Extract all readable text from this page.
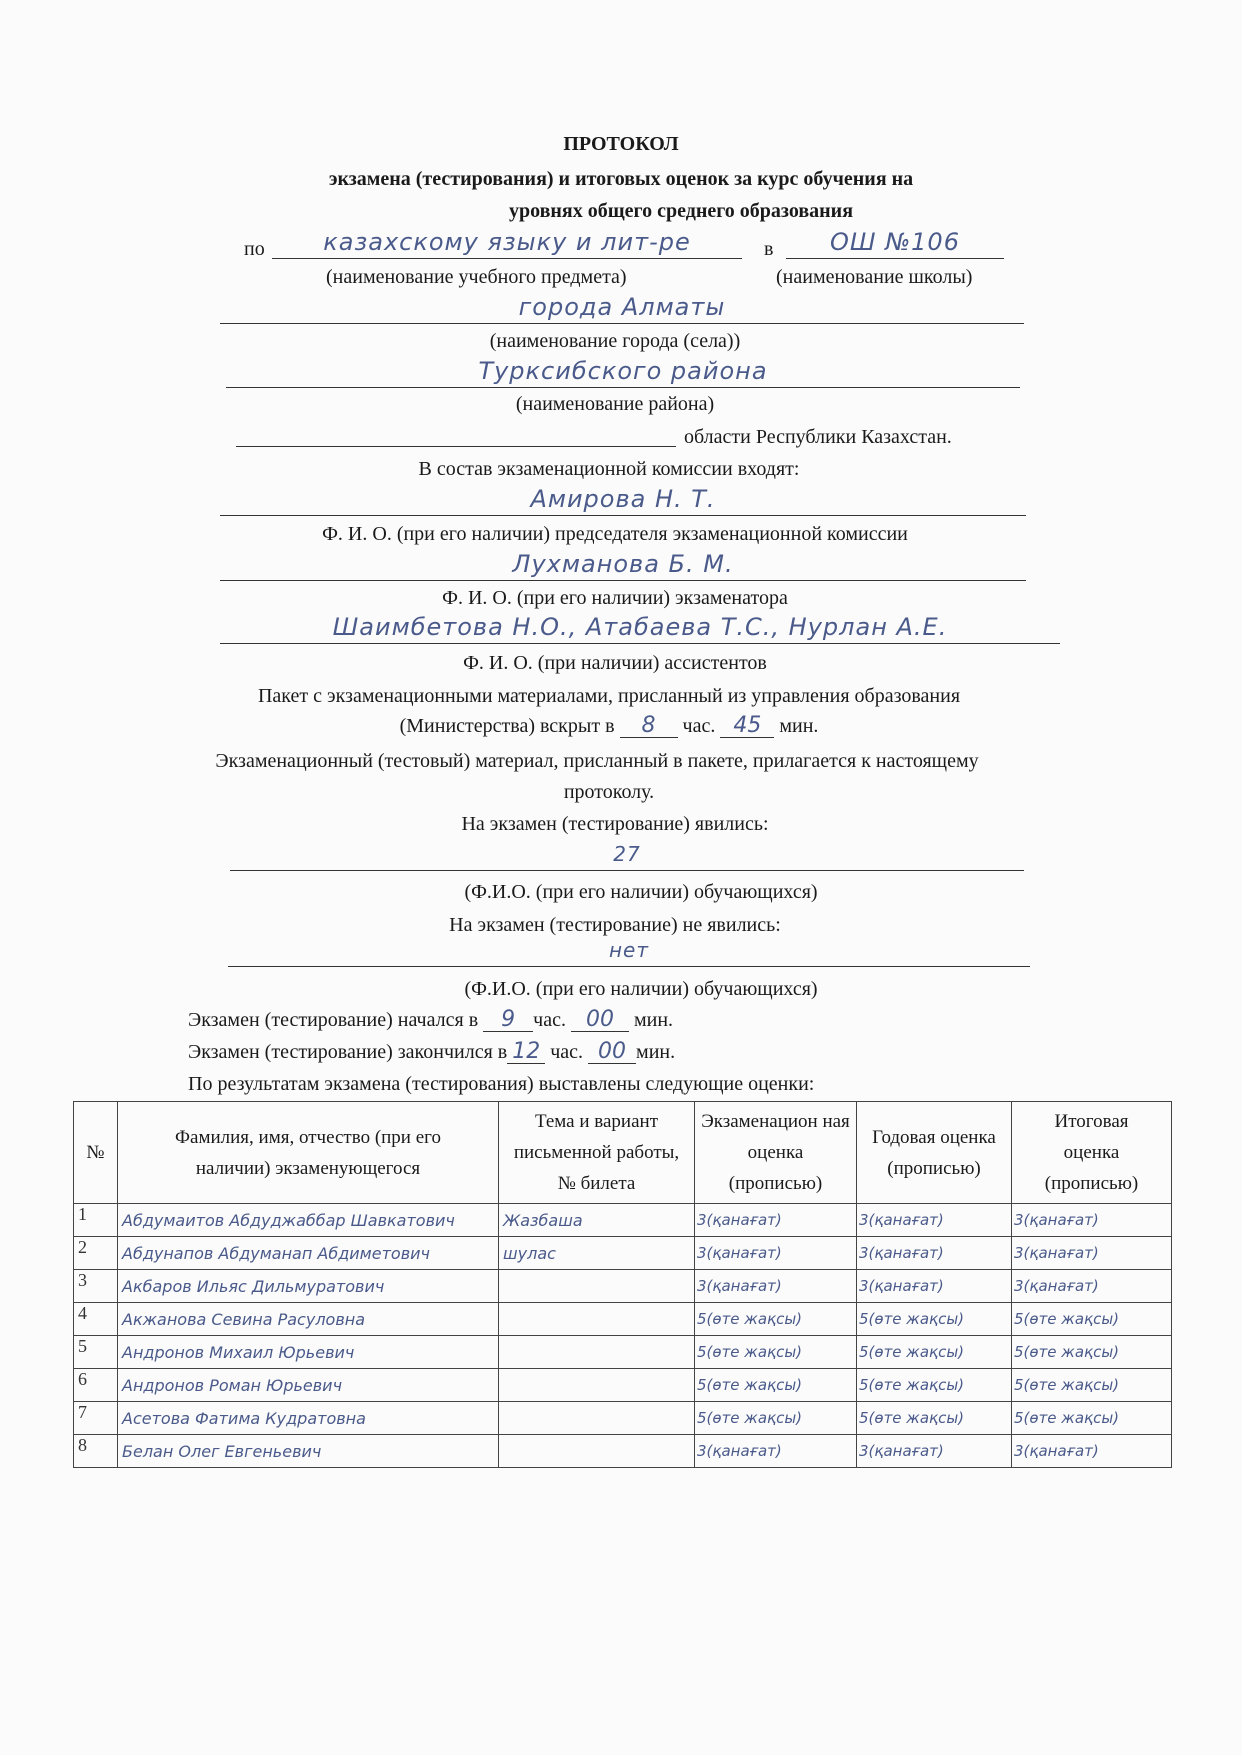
ПРОТОКОЛ
экзамена (тестирования) и итоговых оценок за курс обучения на
уровнях общего среднего образования
по	казахскому языку и лит-ре	в	ОШ №106
(наименование учебного предмета)	(наименование школы)
города Алматы
(наименование города (села))
Турксибского района
(наименование района)
области Республики Казахстан.
В состав экзаменационной комиссии входят:
Амирова Н. Т.
Ф. И. О. (при его наличии) председателя экзаменационной комиссии
Лухманова Б. М.
Ф. И. О. (при его наличии) экзаменатора
Шаимбетова Н.О., Атабаева Т.С., Нурлан А.Е.
Ф. И. О. (при наличии) ассистентов
Пакет с экзаменационными материалами, присланный из управления образования
(Министерства) вскрыт в 8 час. 45 мин.
Экзаменационный (тестовый) материал, присланный в пакете, прилагается к настоящему
протоколу.
На экзамен (тестирование) явились:
27
(Ф.И.О. (при его наличии) обучающихся)
На экзамен (тестирование) не явились:
нет
(Ф.И.О. (при его наличии) обучающихся)
Экзамен (тестирование) начался в 9 час. 00 мин.
Экзамен (тестирование) закончился в 12 час. 00 мин.
По результатам экзамена (тестирования) выставлены следующие оценки:
№	Фамилия, имя, отчество (при его наличии) экзаменующегося	Тема и вариант письменной работы, № билета	Экзаменацион ная оценка (прописью)	Годовая оценка (прописью)	Итоговая оценка (прописью)
1	Абдумаитов Абдуджаббар Шавкатович	Жазбаша	3(қанағат)	3(қанағат)	3(қанағат)
2	Абдунапов Абдуманап Абдиметович	шулас	3(қанағат)	3(қанағат)	3(қанағат)
3	Акбаров Ильяс Дильмуратович		3(қанағат)	3(қанағат)	3(қанағат)
4	Акжанова Севина Расуловна		5(өте жақсы)	5(өте жақсы)	5(өте жақсы)
5	Андронов Михаил Юрьевич		5(өте жақсы)	5(өте жақсы)	5(өте жақсы)
6	Андронов Роман Юрьевич		5(өте жақсы)	5(өте жақсы)	5(өте жақсы)
7	Асетова Фатима Кудратовна		5(өте жақсы)	5(өте жақсы)	5(өте жақсы)
8	Белан Олег Евгеньевич		3(қанағат)	3(қанағат)	3(қанағат)
